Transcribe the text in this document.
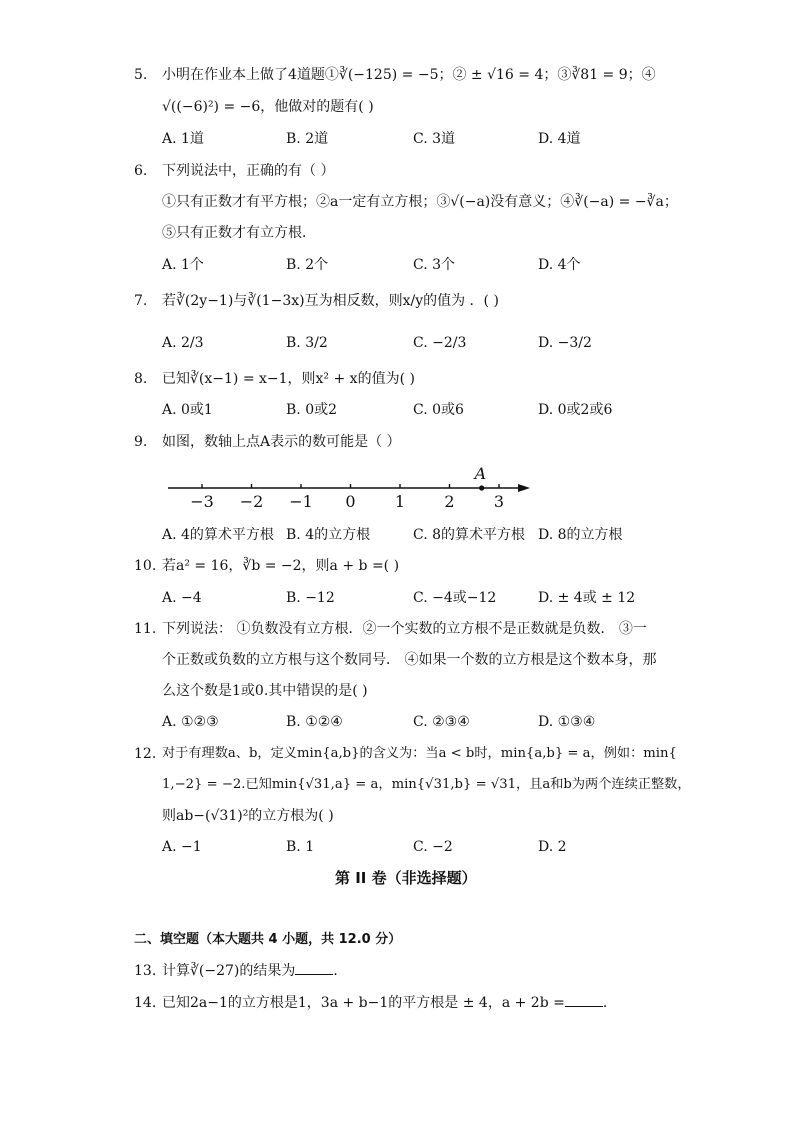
5. 小明在作业本上做了4道题①∛(−125) = −5；② ± √16 = 4；③∛81 = 9；④
√((−6)²) = −6，他做对的题有( )
A. 1道	B. 2道	C. 3道	D. 4道
6. 下列说法中，正确的有（ ）
①只有正数才有平方根；②a一定有立方根；③√(−a)没有意义；④∛(−a) = −∛a；
⑤只有正数才有立方根．
A. 1个	B. 2个	C. 3个	D. 4个
7. 若∛(2y−1)与∛(1−3x)互为相反数，则x/y的值为 ．( )
A. 2/3	B. 3/2	C. −2/3	D. −3/2
8. 已知∛(x−1) = x−1，则x² + x的值为( )
A. 0或1	B. 0或2	C. 0或6	D. 0或2或6
9. 如图，数轴上点A表示的数可能是（ ）
−3 −2 −1 0 1 2 3
A
A. 4的算术平方根 B. 4的立方根	C. 8的算术平方根 D. 8的立方根
10. 若a² = 16，∛b = −2，则a + b =( )
A. −4	B. −12	C. −4或−12	D. ± 4或 ± 12
11. 下列说法： ①负数没有立方根．②一个实数的立方根不是正数就是负数． ③一
个正数或负数的立方根与这个数同号． ④如果一个数的立方根是这个数本身，那
么这个数是1或0.其中错误的是( )
A. ①②③	B. ①②④	C. ②③④	D. ①③④
12. 对于有理数a、b，定义min{a,b}的含义为：当a < b时，min{a,b} = a，例如：min{
1,−2} = −2.已知min{√31,a} = a，min{√31,b} = √31，且a和b为两个连续正整数，
则ab−(√31)²的立方根为( )
A. −1	B. 1	C. −2	D. 2
第 II 卷（非选择题）
二、填空题（本大题共 4 小题，共 12.0 分）
13. 计算∛(−27)的结果为	．
14. 已知2a−1的立方根是1，3a + b−1的平方根是 ± 4，a + 2b =	．
